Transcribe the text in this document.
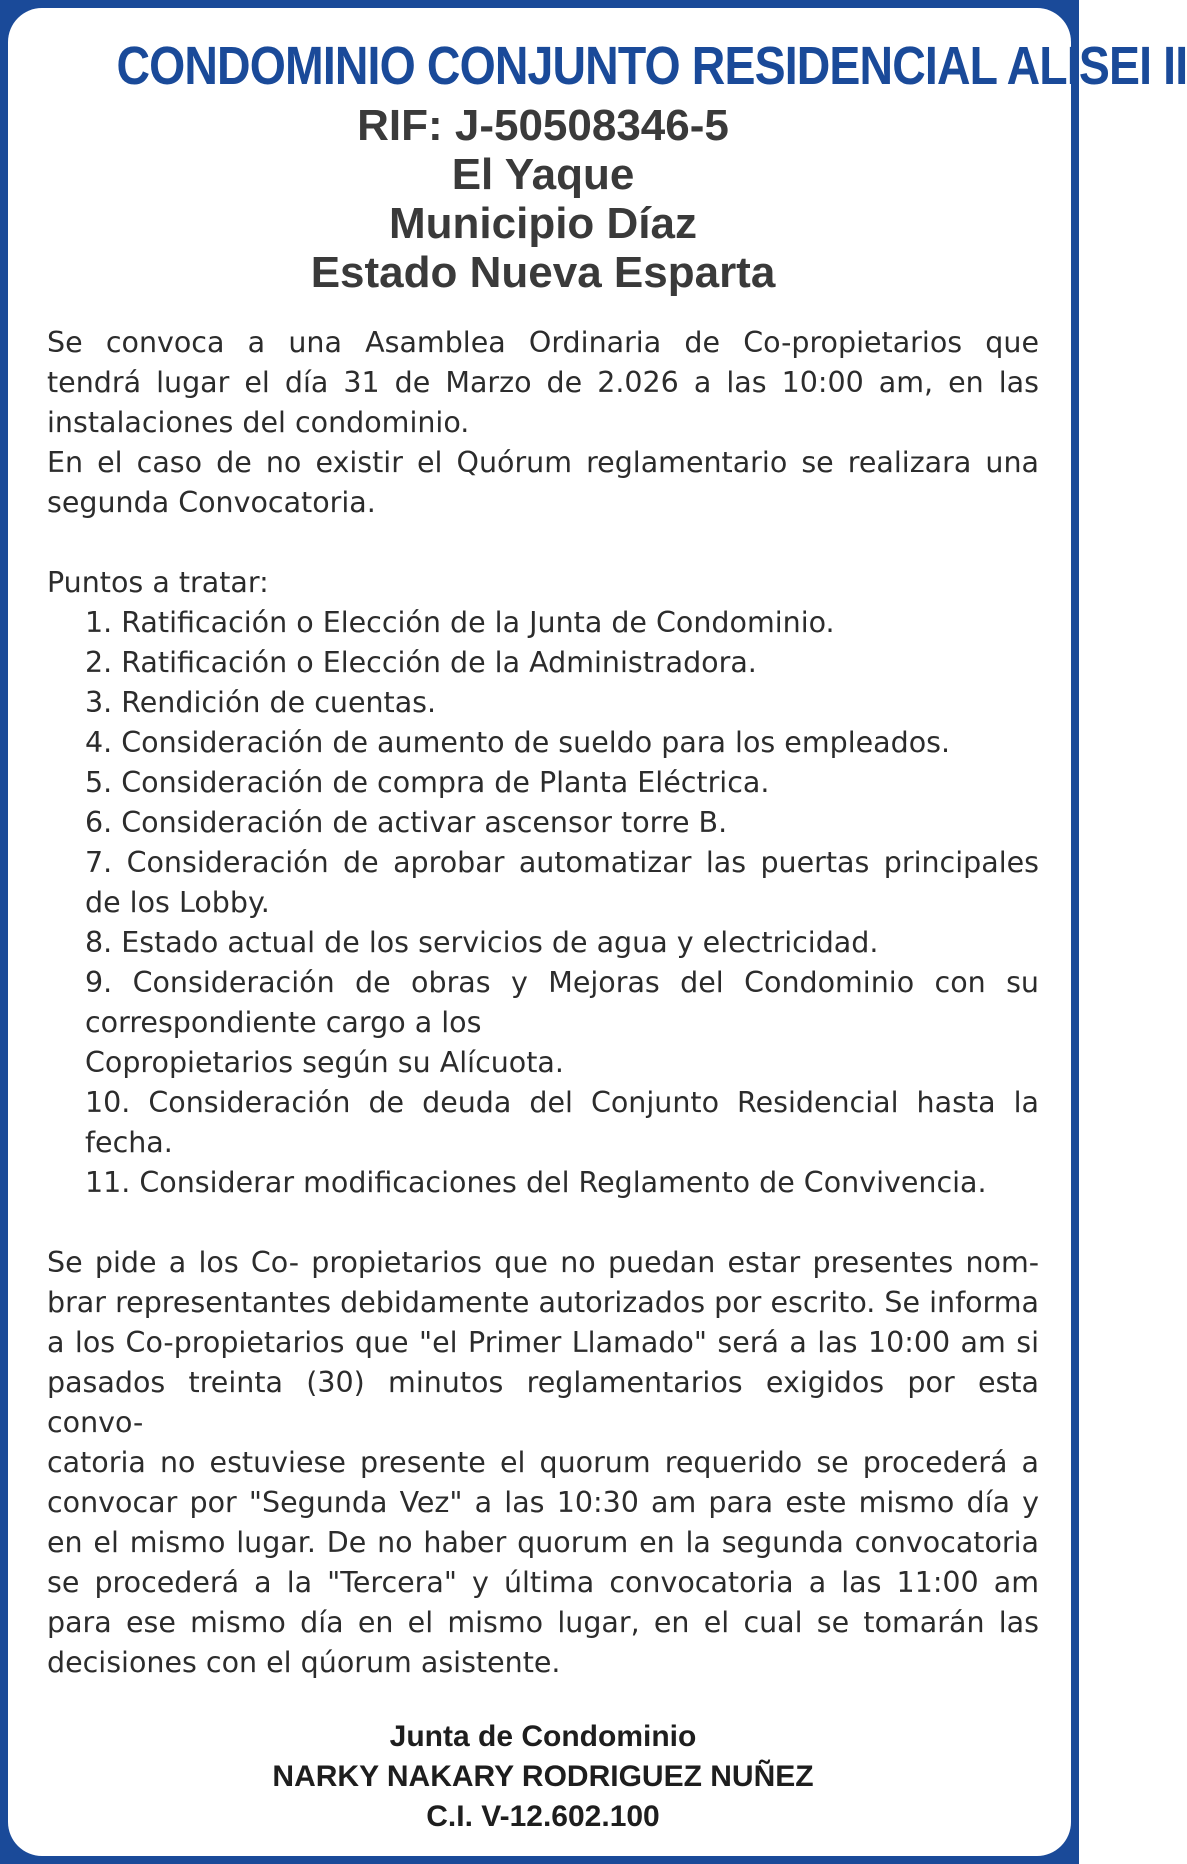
CONDOMINIO CONJUNTO RESIDENCIAL ALISEI II

RIF: J-50508346-5

El Yaque

Municipio Díaz

Estado Nueva Esparta

Se convoca a una Asamblea Ordinaria de Co-propietarios que

tendrá lugar el día 31 de Marzo de 2.026 a las 10:00 am, en las

instalaciones del condominio.

En el caso de no existir el Quórum reglamentario se realizara una

segunda Convocatoria.

Puntos a tratar:

1. Ratificación o Elección de la Junta de Condominio.
2. Ratificación o Elección de la Administradora.
3. Rendición de cuentas.
4. Consideración de aumento de sueldo para los empleados.
5. Consideración de compra de Planta Eléctrica.
6. Consideración de activar ascensor torre B.
7. Consideración de aprobar automatizar las puertas principales
de los Lobby.
8. Estado actual de los servicios de agua y electricidad.
9. Consideración de obras y Mejoras del Condominio con su
correspondiente cargo a los
Copropietarios según su Alícuota.
10. Consideración de deuda del Conjunto Residencial hasta la
fecha.
11. Considerar modificaciones del Reglamento de Convivencia.

Se pide a los Co- propietarios que no puedan estar presentes nom-

brar representantes debidamente autorizados por escrito. Se informa

a los Co-propietarios que "el Primer Llamado" será a las 10:00 am si

pasados treinta (30) minutos reglamentarios exigidos por esta convo-

catoria no estuviese presente el quorum requerido se procederá a

convocar por "Segunda Vez" a las 10:30 am para este mismo día y

en el mismo lugar. De no haber quorum en la segunda convocatoria

se procederá a la "Tercera" y última convocatoria a las 11:00 am

para ese mismo día en el mismo lugar, en el cual se tomarán las

decisiones con el qúorum asistente.

Junta de Condominio
NARKY NAKARY RODRIGUEZ NUÑEZ
C.I. V-12.602.100
